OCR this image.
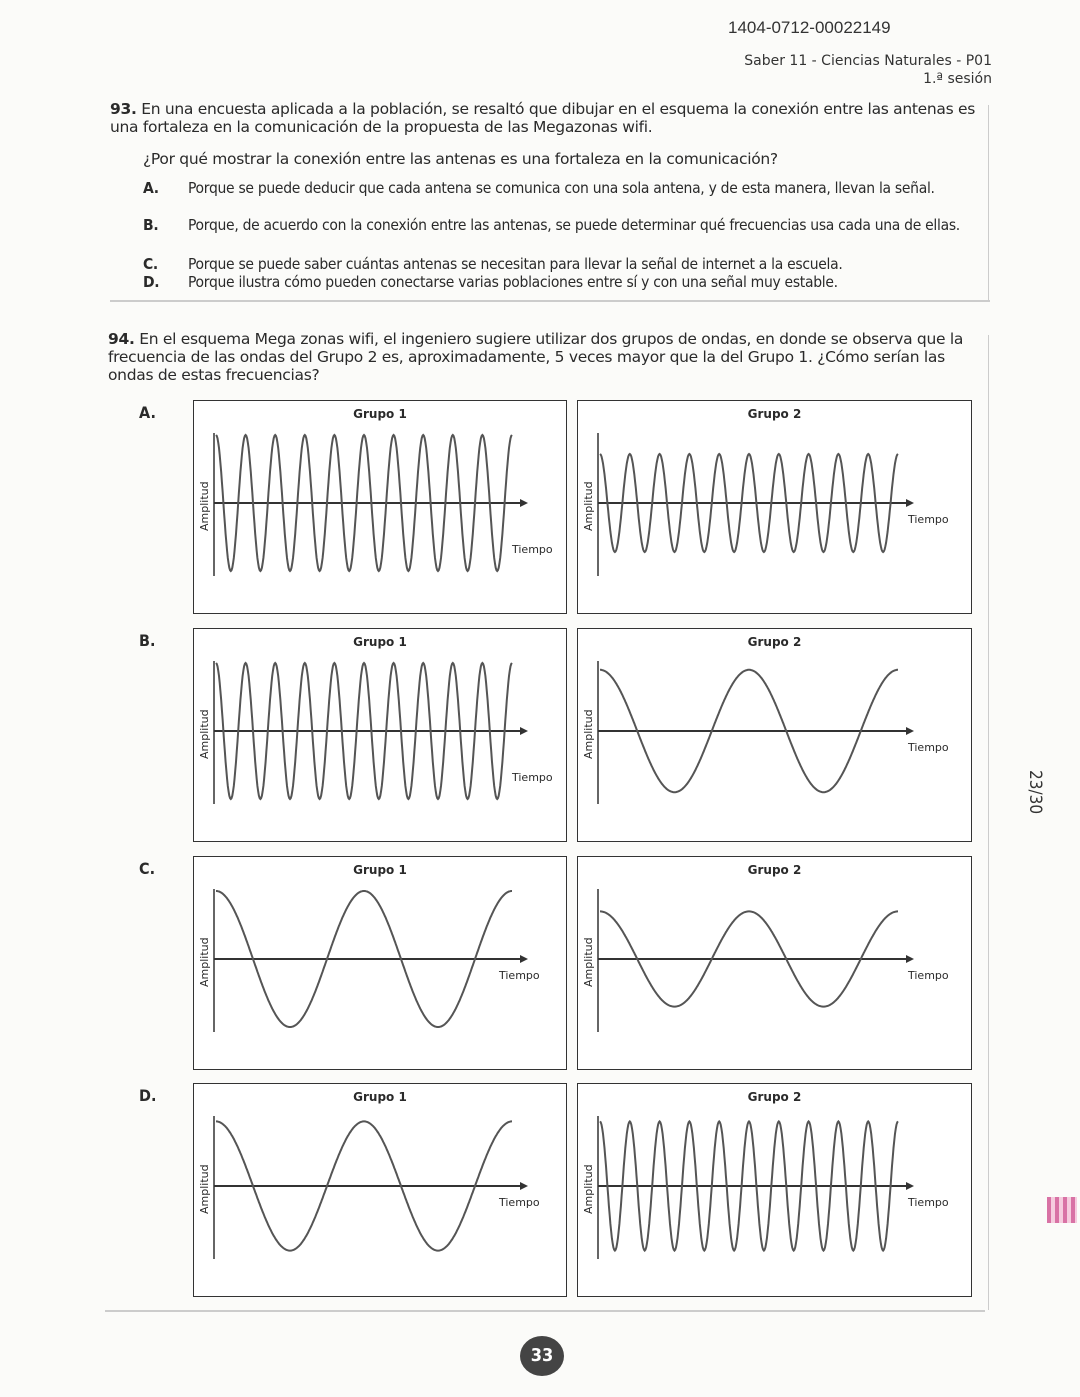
1404-0712-00022149
Saber 11 - Ciencias Naturales - P01
1.ª sesión
93. En una encuesta aplicada a la población, se resaltó que dibujar en el esquema la conexión entre las antenas es una fortaleza en la comunicación de la propuesta de las Megazonas wifi.
¿Por qué mostrar la conexión entre las antenas es una fortaleza en la comunicación?
A. Porque se puede deducir que cada antena se comunica con una sola antena, y de esta manera, llevan la señal.
B. Porque, de acuerdo con la conexión entre las antenas, se puede determinar qué frecuencias usa cada una de ellas.
C. Porque se puede saber cuántas antenas se necesitan para llevar la señal de internet a la escuela.
D. Porque ilustra cómo pueden conectarse varias poblaciones entre sí y con una señal muy estable.
94. En el esquema Mega zonas wifi, el ingeniero sugiere utilizar dos grupos de ondas, en donde se observa que la frecuencia de las ondas del Grupo 2 es, aproximadamente, 5 veces mayor que la del Grupo 1. ¿Cómo serían las ondas de estas frecuencias?
A.	Grupo 1
Amplitud
Tiempo
Grupo 2
Amplitud	Tiempo
B.	Grupo 1
Amplitud
Tiempo
Grupo 2
Amplitud	Tiempo
C.	Grupo 1
Amplitud	Tiempo
Grupo 2
Amplitud	Tiempo
D.	Grupo 1
Amplitud	Tiempo
Grupo 2
Amplitud	Tiempo
33
23/30
